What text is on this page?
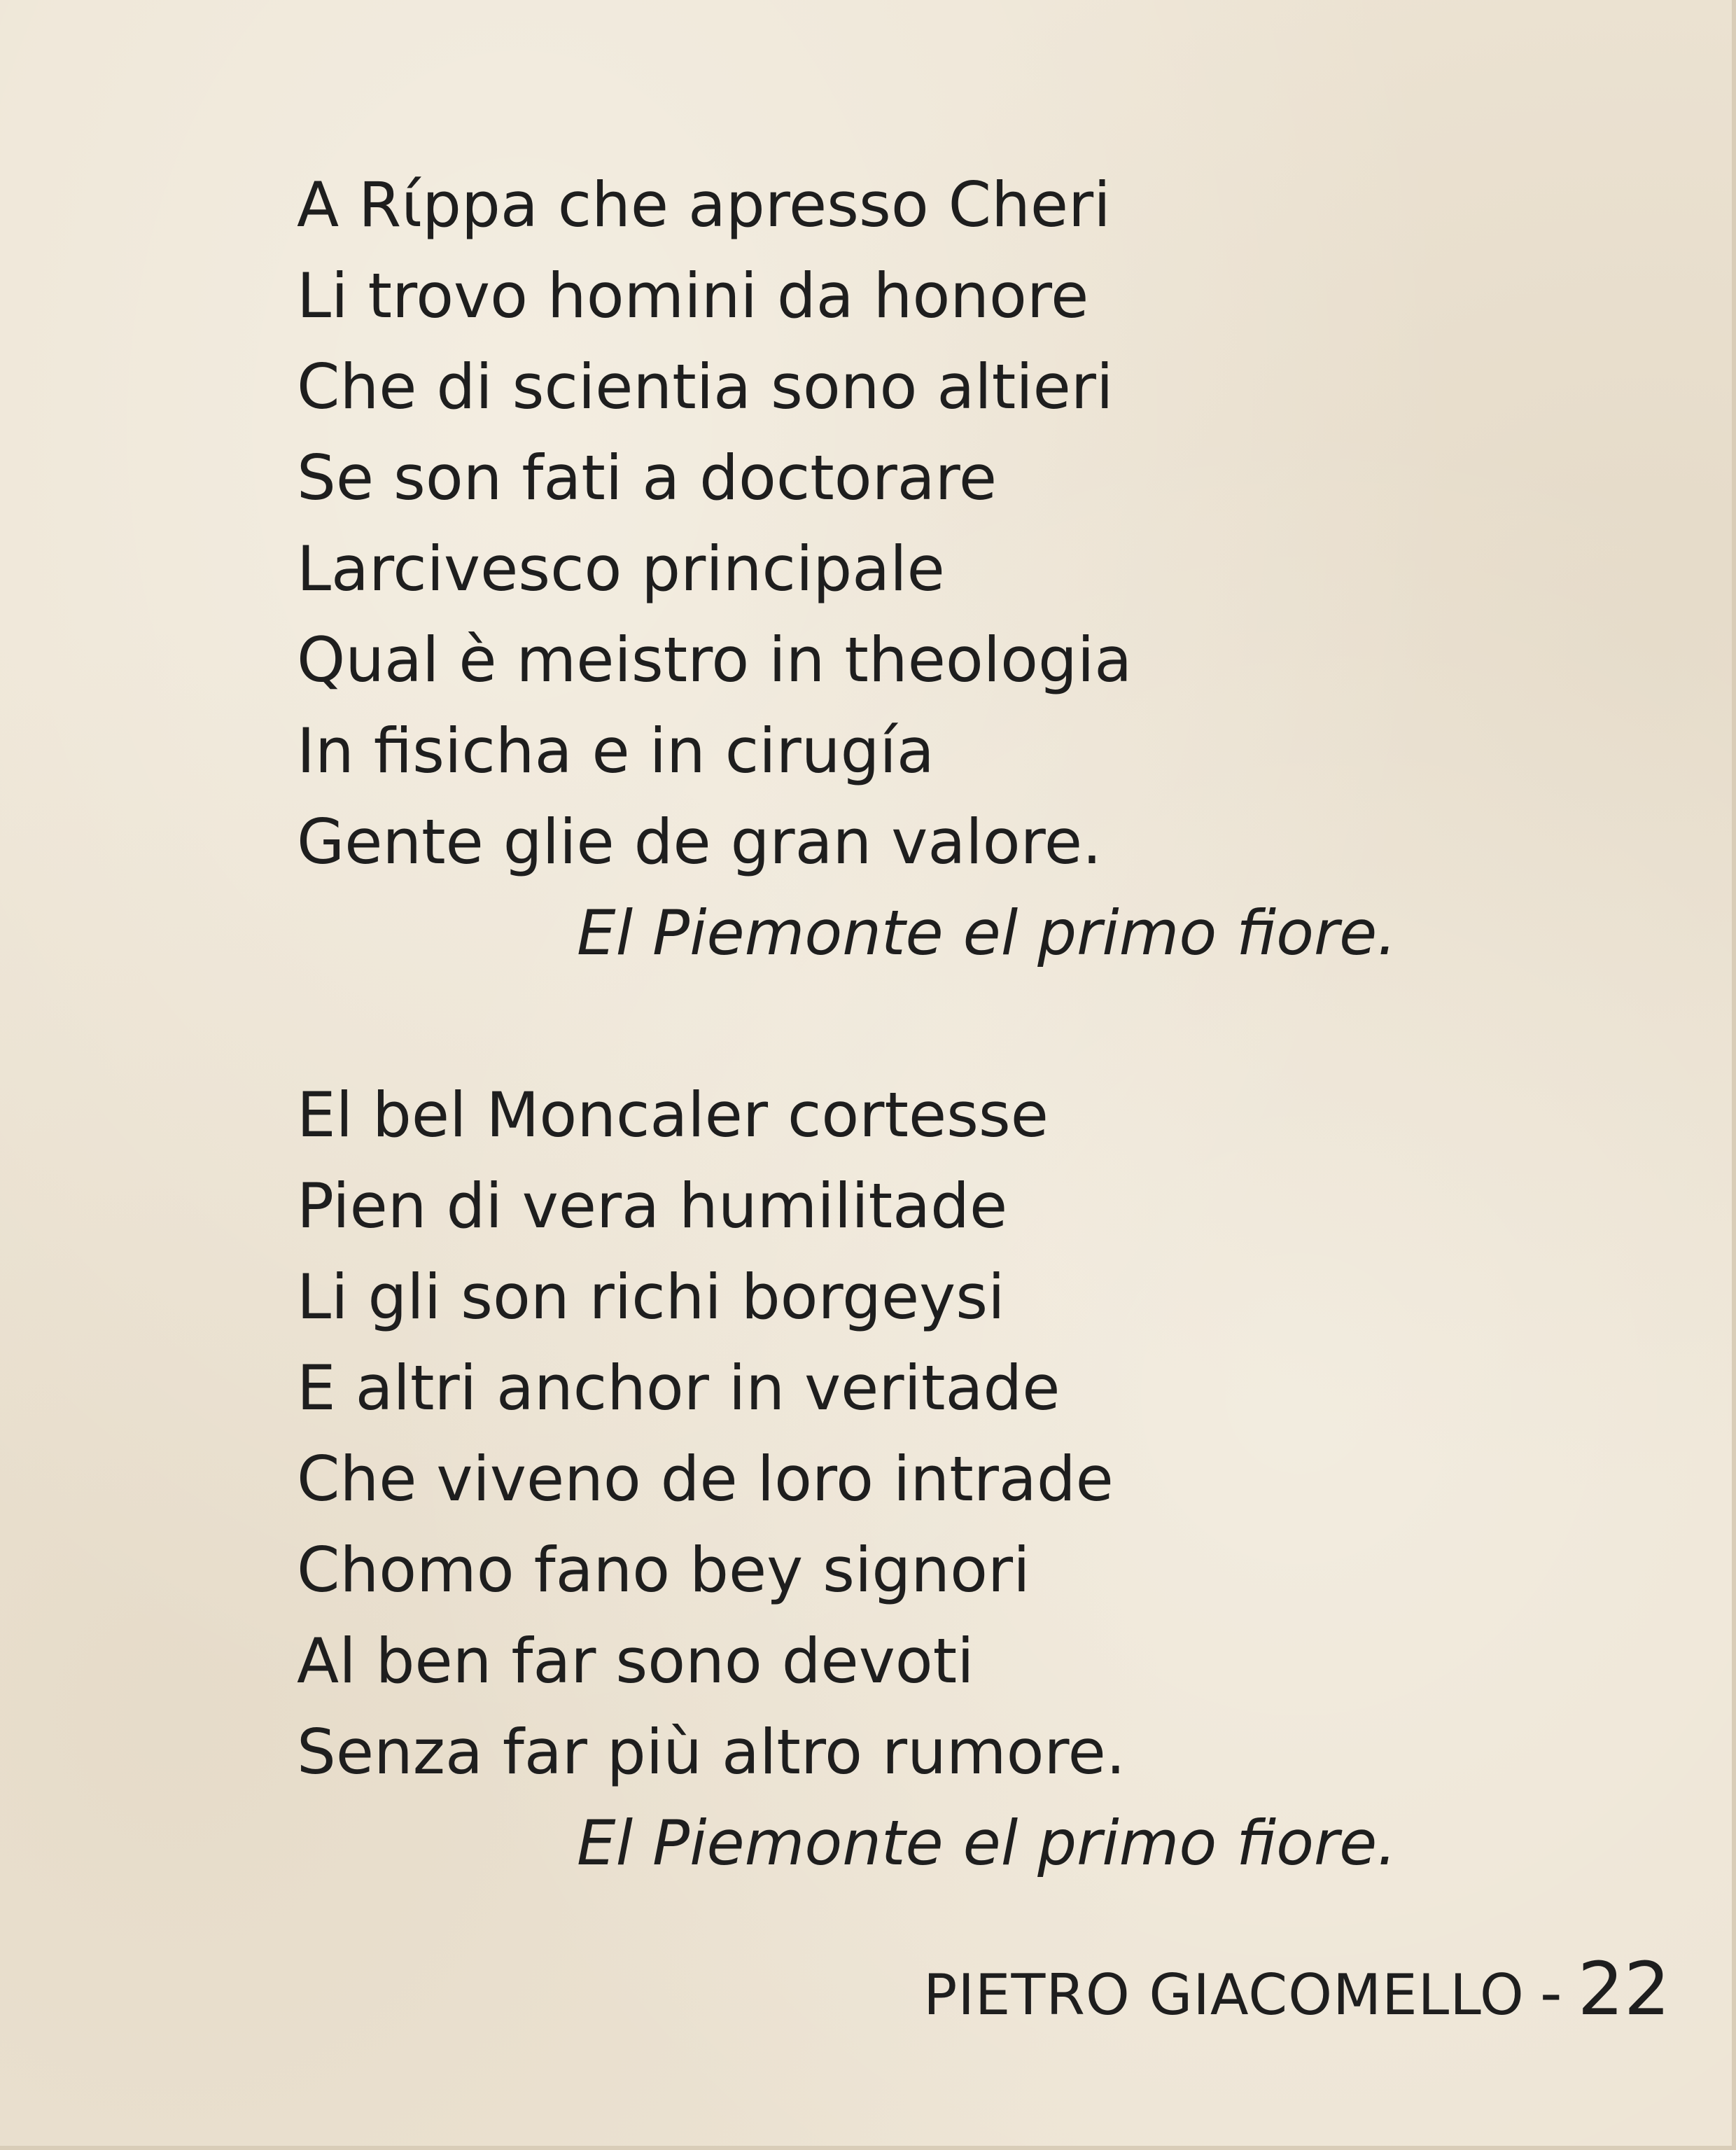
A Rίppa che apresso Cheri
Li trovo homini da honore
Che di scientia sono altieri
Se son fati a doctorare
Larcivesco principale
Qual è meistro in theologia
In fisicha e in cirugía
Gente glie de gran valore.
El Piemonte el primo fiore.
El bel Moncaler cortesse
Pien di vera humilitade
Li gli son richi borgeysi
E altri anchor in veritade
Che viveno de loro intrade
Chomo fano bey signori
Al ben far sono devoti
Senza far più altro rumore.
El Piemonte el primo fiore.
PIETRO GIACOMELLO - 22
